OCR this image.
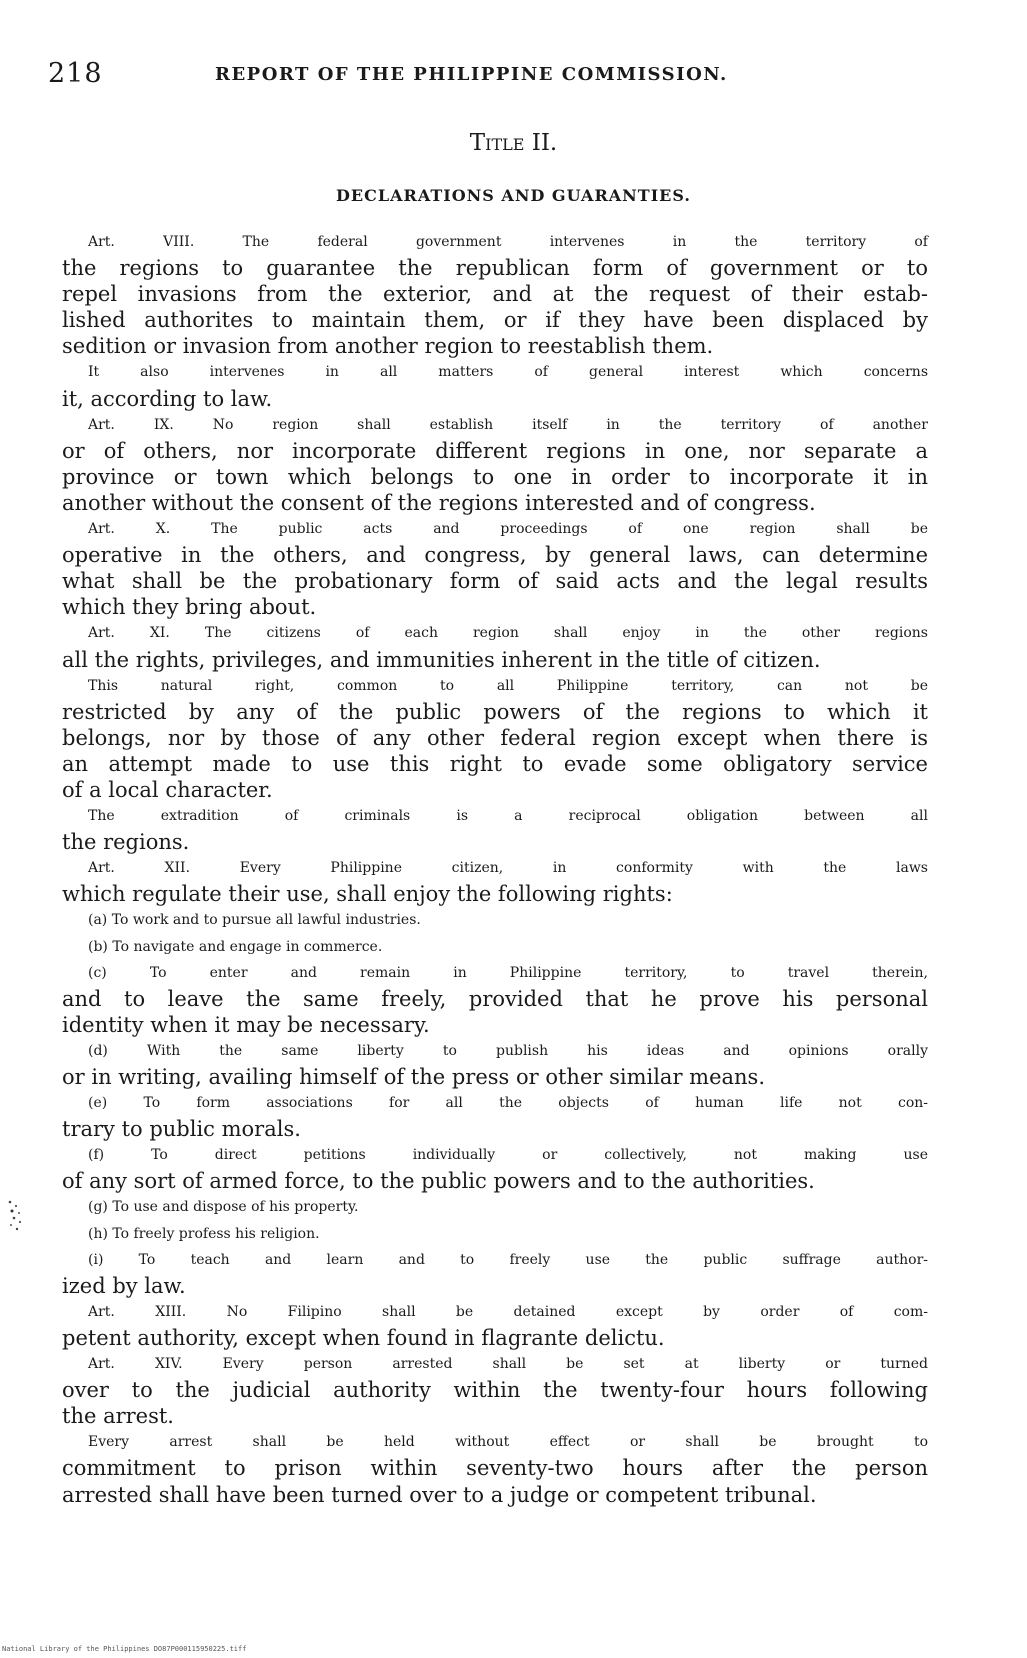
218	REPORT OF THE PHILIPPINE COMMISSION.
Title II.
DECLARATIONS AND GUARANTIES.
Art. VIII. The federal government intervenes in the territory of
the regions to guarantee the republican form of government or to
repel invasions from the exterior, and at the request of their estab-
lished authorites to maintain them, or if they have been displaced by
sedition or invasion from another region to reestablish them.
It also intervenes in all matters of general interest which concerns
it, according to law.
Art. IX. No region shall establish itself in the territory of another
or of others, nor incorporate different regions in one, nor separate a
province or town which belongs to one in order to incorporate it in
another without the consent of the regions interested and of congress.
Art. X. The public acts and proceedings of one region shall be
operative in the others, and congress, by general laws, can determine
what shall be the probationary form of said acts and the legal results
which they bring about.
Art. XI. The citizens of each region shall enjoy in the other regions
all the rights, privileges, and immunities inherent in the title of citizen.
This natural right, common to all Philippine territory, can not be
restricted by any of the public powers of the regions to which it
belongs, nor by those of any other federal region except when there is
an attempt made to use this right to evade some obligatory service
of a local character.
The extradition of criminals is a reciprocal obligation between all
the regions.
Art. XII. Every Philippine citizen, in conformity with the laws
which regulate their use, shall enjoy the following rights:
(a) To work and to pursue all lawful industries.
(b) To navigate and engage in commerce.
(c) To enter and remain in Philippine territory, to travel therein,
and to leave the same freely, provided that he prove his personal
identity when it may be necessary.
(d) With the same liberty to publish his ideas and opinions orally
or in writing, availing himself of the press or other similar means.
(e) To form associations for all the objects of human life not con-
trary to public morals.
(f) To direct petitions individually or collectively, not making use
of any sort of armed force, to the public powers and to the authorities.
(g) To use and dispose of his property.
(h) To freely profess his religion.
(i) To teach and learn and to freely use the public suffrage author-
ized by law.
Art. XIII. No Filipino shall be detained except by order of com-
petent authority, except when found in flagrante delictu.
Art. XIV. Every person arrested shall be set at liberty or turned
over to the judicial authority within the twenty-four hours following
the arrest.
Every arrest shall be held without effect or shall be brought to
commitment to prison within seventy-two hours after the person
arrested shall have been turned over to a judge or competent tribunal.
National Library of the Philippines DO87P000115950225.tiff
